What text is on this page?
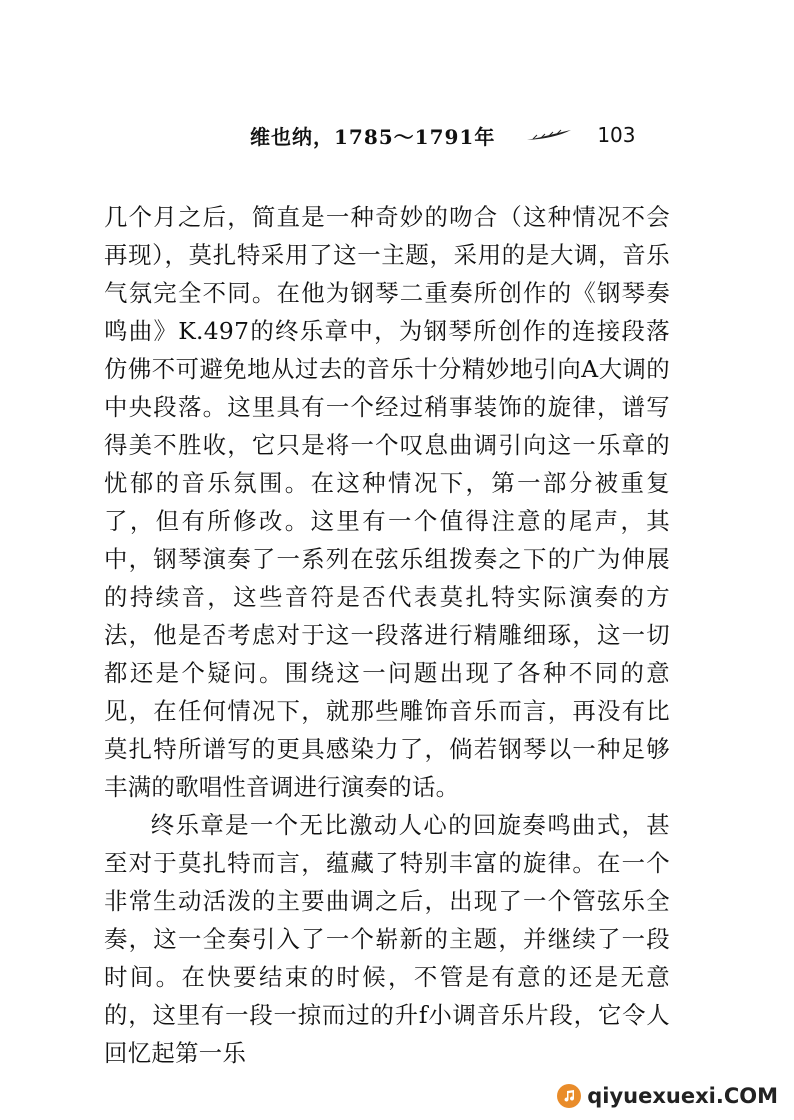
维也纳，1785～1791年	103

几个月之后，简直是一种奇妙的吻合（这种情况不会再现），莫扎特采用了这一主题，采用的是大调，音乐气氛完全不同。在他为钢琴二重奏所创作的《钢琴奏鸣曲》K.497的终乐章中，为钢琴所创作的连接段落仿佛不可避免地从过去的音乐十分精妙地引向A大调的中央段落。这里具有一个经过稍事装饰的旋律，谱写得美不胜收，它只是将一个叹息曲调引向这一乐章的忧郁的音乐氛围。在这种情况下，第一部分被重复了，但有所修改。这里有一个值得注意的尾声，其中，钢琴演奏了一系列在弦乐组拨奏之下的广为伸展的持续音，这些音符是否代表莫扎特实际演奏的方法，他是否考虑对于这一段落进行精雕细琢，这一切都还是个疑问。围绕这一问题出现了各种不同的意见，在任何情况下，就那些雕饰音乐而言，再没有比莫扎特所谱写的更具感染力了，倘若钢琴以一种足够丰满的歌唱性音调进行演奏的话。

终乐章是一个无比激动人心的回旋奏鸣曲式，甚至对于莫扎特而言，蕴藏了特别丰富的旋律。在一个非常生动活泼的主要曲调之后，出现了一个管弦乐全奏，这一全奏引入了一个崭新的主题，并继续了一段时间。在快要结束的时候，不管是有意的还是无意的，这里有一段一掠而过的升f小调音乐片段，它令人回忆起第一乐

qiyuexuexi.COM
